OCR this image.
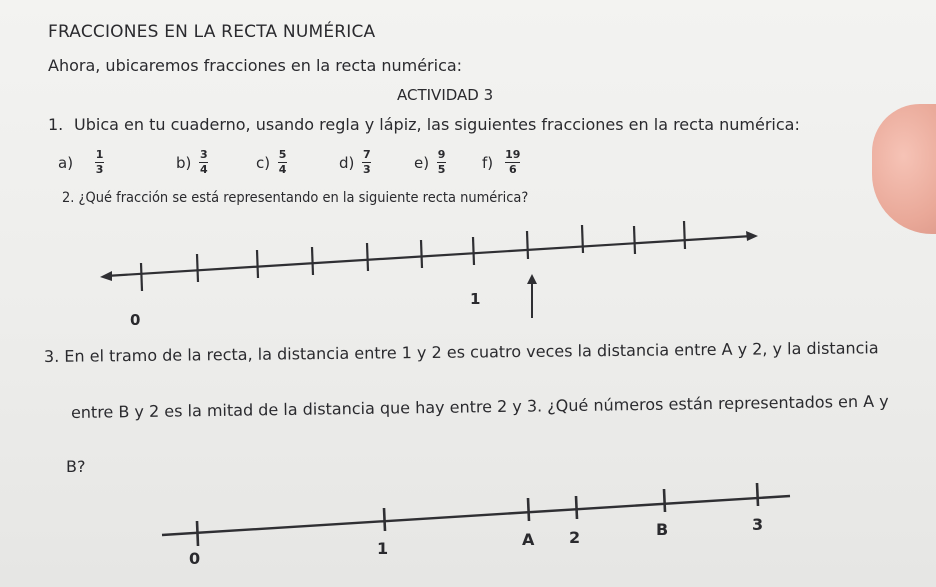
FRACCIONES EN LA RECTA NUMÉRICA
Ahora, ubicaremos fracciones en la recta numérica:
ACTIVIDAD 3
1. Ubica en tu cuaderno, usando regla y lápiz, las siguientes fracciones en la recta numérica:
$a) \frac{1}{3}$	$b) \frac{3}{4}$	$c) \frac{5}{4}$	$d) \frac{7}{3}$	$e) \frac{9}{5} f) \frac{19}{6}$
2. ¿Qué fracción se está representando en la siguiente recta numérica?
0
1
3. En el tramo de la recta, la distancia entre 1 y 2 es cuatro veces la distancia entre A y 2, y la distancia
entre B y 2 es la mitad de la distancia que hay entre 2 y 3. ¿Qué números están representados en A y
B?
0
1	A 2	B	3
